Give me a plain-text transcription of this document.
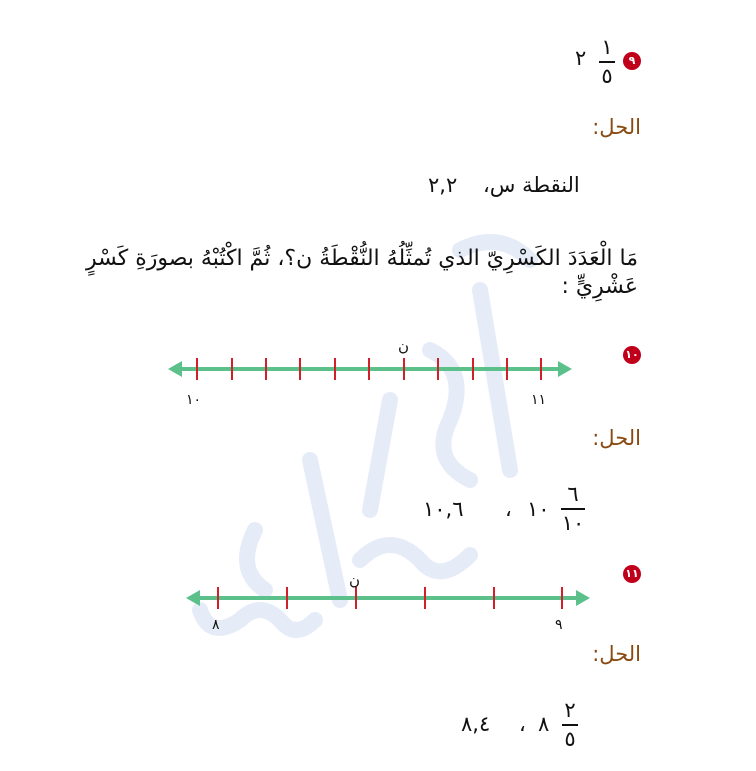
٩
١
٥
٢
الحل:
النقطة س،
٢,٢
مَا الْعَدَدَ الكَسْرِيّ الذي تُمثِّلُهُ النُّقْطَةُ ن؟، ثُمَّ اكْتُبْهُ بصورَةِ كَسْرٍ عَشْرِيٍّ :
١٠
ن
١٠	١١
الحل:
٦
١٠
١٠
،
١٠,٦
١١
ن
٨	٩
الحل:
٢
٥
٨
،
٨,٤
